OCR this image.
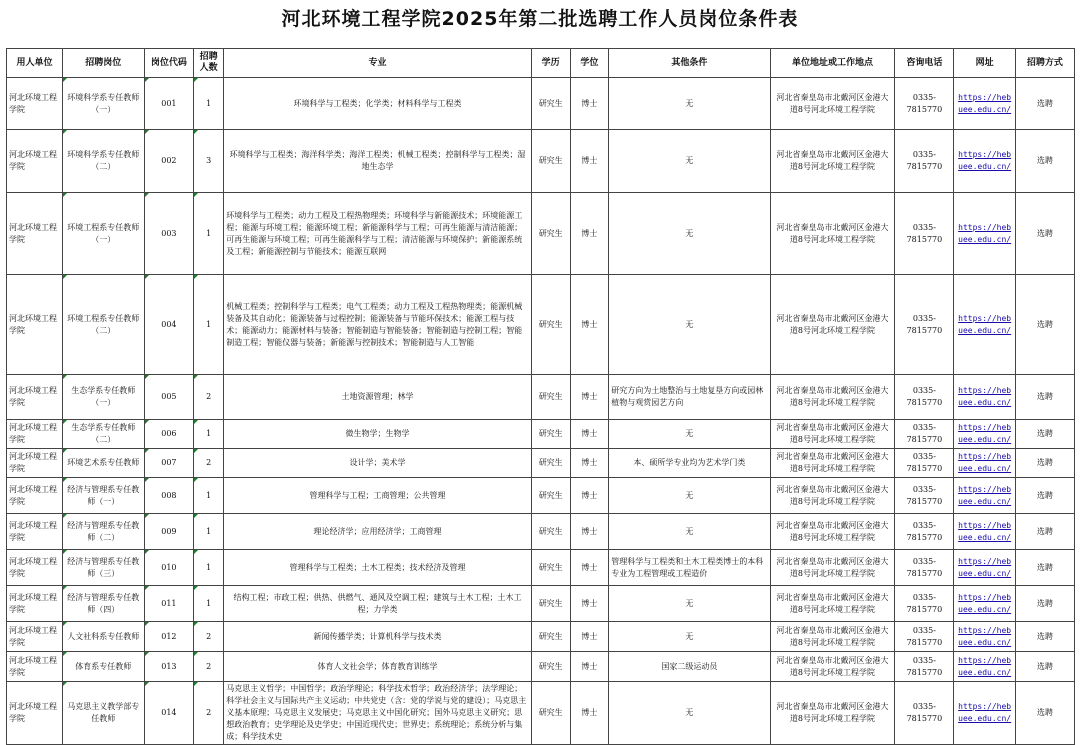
河北环境工程学院2025年第二批选聘工作人员岗位条件表
用人单位	招聘岗位	岗位代码	招聘人数	专业	学历	学位	其他条件	单位地址或工作地点	咨询电话	网址	招聘方式
河北环境工程学院	环境科学系专任教师（一）	001	1	环境科学与工程类；化学类；材料科学与工程类	研究生	博士	无	河北省秦皇岛市北戴河区金港大道8号河北环境工程学院	0335-7815770	https://hebuee.edu.cn/	选聘
河北环境工程学院	环境科学系专任教师（二）	002	3	环境科学与工程类；海洋科学类；海洋工程类；机械工程类；控制科学与工程类；湿地生态学	研究生	博士	无	河北省秦皇岛市北戴河区金港大道8号河北环境工程学院	0335-7815770	https://hebuee.edu.cn/	选聘
河北环境工程学院	环境工程系专任教师（一）	003	1	环境科学与工程类；动力工程及工程热物理类；环境科学与新能源技术；环境能源工程；能源与环境工程；能源环境工程；新能源科学与工程；可再生能源与清洁能源；可再生能源与环境工程；可再生能源科学与工程；清洁能源与环境保护；新能源系统及工程；新能源控制与节能技术；能源互联网	研究生	博士	无	河北省秦皇岛市北戴河区金港大道8号河北环境工程学院	0335-7815770	https://hebuee.edu.cn/	选聘
河北环境工程学院	环境工程系专任教师（二）	004	1	机械工程类；控制科学与工程类；电气工程类；动力工程及工程热物理类；能源机械装备及其自动化；能源装备与过程控制；能源装备与节能环保技术；能源工程与技术；能源动力；能源材料与装备；智能制造与智能装备；智能制造与控制工程；智能制造工程；智能仪器与装备；新能源与控制技术；智能制造与人工智能	研究生	博士	无	河北省秦皇岛市北戴河区金港大道8号河北环境工程学院	0335-7815770	https://hebuee.edu.cn/	选聘
河北环境工程学院	生态学系专任教师（一）	005	2	土地资源管理；林学	研究生	博士	研究方向为土地整治与土地复垦方向或园林植物与观赏园艺方向	河北省秦皇岛市北戴河区金港大道8号河北环境工程学院	0335-7815770	https://hebuee.edu.cn/	选聘
河北环境工程学院	生态学系专任教师（二）	006	1	微生物学；生物学	研究生	博士	无	河北省秦皇岛市北戴河区金港大道8号河北环境工程学院	0335-7815770	https://hebuee.edu.cn/	选聘
河北环境工程学院	环境艺术系专任教师	007	2	设计学；美术学	研究生	博士	本、硕所学专业均为艺术学门类	河北省秦皇岛市北戴河区金港大道8号河北环境工程学院	0335-7815770	https://hebuee.edu.cn/	选聘
河北环境工程学院	经济与管理系专任教师（一）	008	1	管理科学与工程；工商管理；公共管理	研究生	博士	无	河北省秦皇岛市北戴河区金港大道8号河北环境工程学院	0335-7815770	https://hebuee.edu.cn/	选聘
河北环境工程学院	经济与管理系专任教师（二）	009	1	理论经济学；应用经济学；工商管理	研究生	博士	无	河北省秦皇岛市北戴河区金港大道8号河北环境工程学院	0335-7815770	https://hebuee.edu.cn/	选聘
河北环境工程学院	经济与管理系专任教师（三）	010	1	管理科学与工程类；土木工程类；技术经济及管理	研究生	博士	管理科学与工程类和土木工程类博士的本科专业为工程管理或工程造价	河北省秦皇岛市北戴河区金港大道8号河北环境工程学院	0335-7815770	https://hebuee.edu.cn/	选聘
河北环境工程学院	经济与管理系专任教师（四）	011	1	结构工程；市政工程；供热、供燃气、通风及空调工程；建筑与土木工程；土木工程；力学类	研究生	博士	无	河北省秦皇岛市北戴河区金港大道8号河北环境工程学院	0335-7815770	https://hebuee.edu.cn/	选聘
河北环境工程学院	人文社科系专任教师	012	2	新闻传播学类；计算机科学与技术类	研究生	博士	无	河北省秦皇岛市北戴河区金港大道8号河北环境工程学院	0335-7815770	https://hebuee.edu.cn/	选聘
河北环境工程学院	体育系专任教师	013	2	体育人文社会学；体育教育训练学	研究生	博士	国家二级运动员	河北省秦皇岛市北戴河区金港大道8号河北环境工程学院	0335-7815770	https://hebuee.edu.cn/	选聘
河北环境工程学院	马克思主义教学部专任教师	014	2	马克思主义哲学；中国哲学；政治学理论；科学技术哲学；政治经济学；法学理论；科学社会主义与国际共产主义运动；中共党史（含：党的学说与党的建设）；马克思主义基本原理；马克思主义发展史；马克思主义中国化研究；国外马克思主义研究；思想政治教育；史学理论及史学史；中国近现代史；世界史；系统理论；系统分析与集成；科学技术史	研究生	博士	无	河北省秦皇岛市北戴河区金港大道8号河北环境工程学院	0335-7815770	https://hebuee.edu.cn/	选聘
